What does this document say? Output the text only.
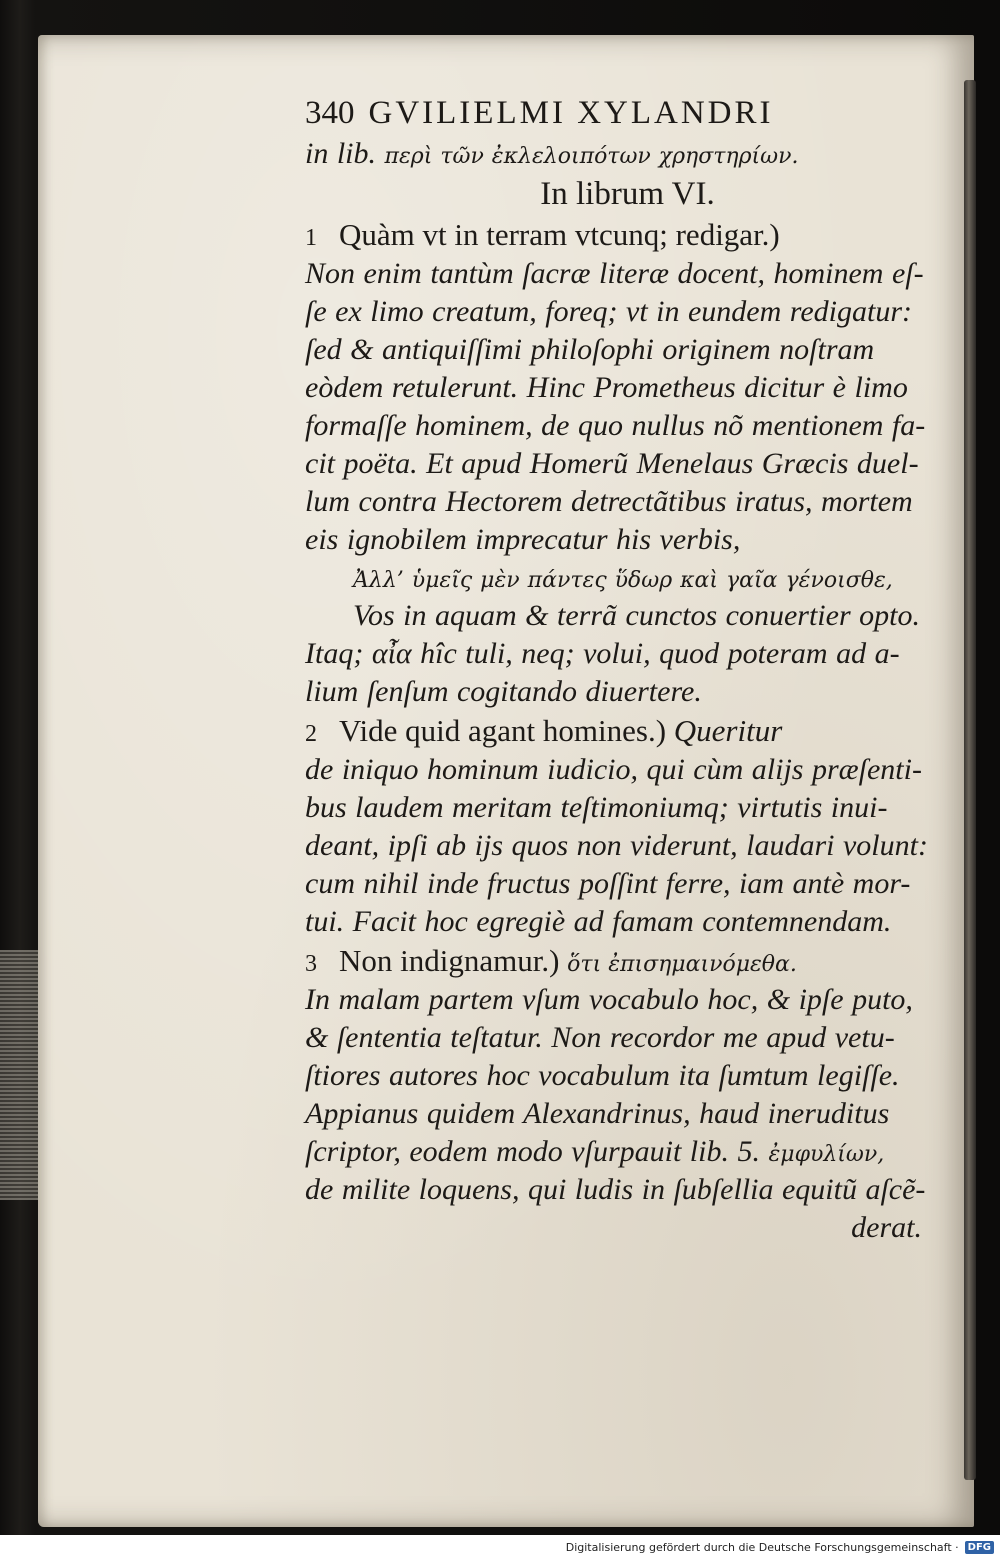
340 GVILIELMI XYLANDRI
in lib. περὶ τῶν ἐκλελοιπότων χρηστηρίων.
In librum VI.
1 Quàm vt in terram vtcunq; redigar.)
Non enim tantùm ſacræ literæ docent, hominem eſ-
ſe ex limo creatum, foreq; vt in eundem redigatur:
ſed & antiquiſſimi philoſophi originem noſtram
eòdem retulerunt. Hinc Prometheus dicitur è limo
formaſſe hominem, de quo nullus nõ mentionem fa-
cit poëta. Et apud Homerũ Menelaus Græcis duel-
lum contra Hectorem detrectãtibus iratus, mortem
eis ignobilem imprecatur his verbis,
Ἀλλ’ ὑμεῖς μὲν πάντες ὕδωρ καὶ γαῖα γένοισθε,
Vos in aquam & terrã cunctos conuertier opto.
Itaq; αἶα hîc tuli, neq; volui, quod poteram ad a-
lium ſenſum cogitando diuertere.
2 Vide quid agant homines.) Queritur
de iniquo hominum iudicio, qui cùm alijs præſenti-
bus laudem meritam teſtimoniumq; virtutis inui-
deant, ipſi ab ijs quos non viderunt, laudari volunt:
cum nihil inde fructus poſſint ferre, iam antè mor-
tui. Facit hoc egregiè ad famam contemnendam.
3 Non indignamur.) ὅτι ἐπισημαινόμεθα.
In malam partem vſum vocabulo hoc, & ipſe puto,
& ſententia teſtatur. Non recordor me apud vetu-
ſtiores autores hoc vocabulum ita ſumtum legiſſe.
Appianus quidem Alexandrinus, haud ineruditus
ſcriptor, eodem modo vſurpauit lib. 5. ἐμφυλίων,
de milite loquens, qui ludis in ſubſellia equitũ aſcẽ-
derat.
Digitalisierung gefördert durch die Deutsche Forschungsgemeinschaft · DFG
